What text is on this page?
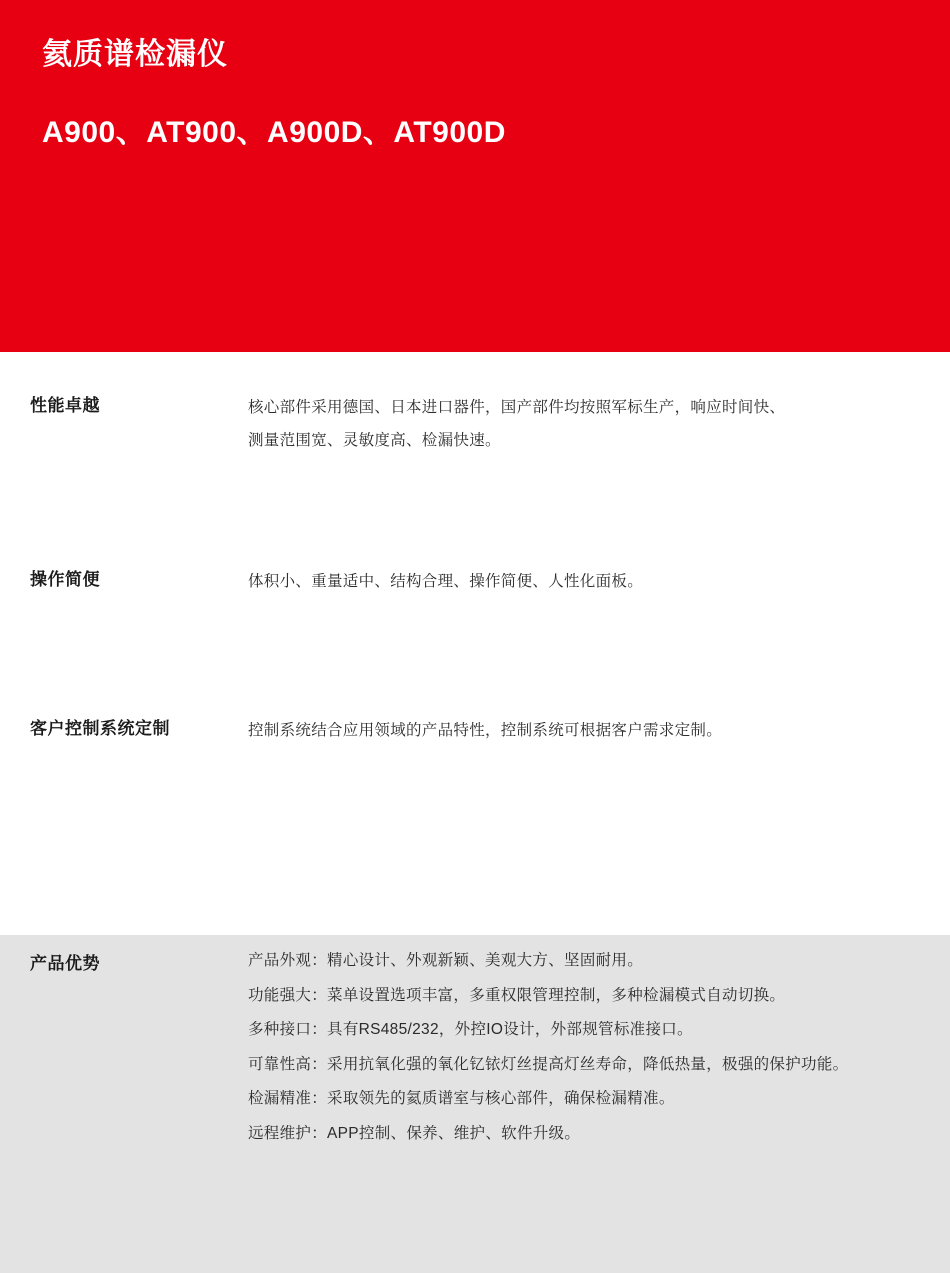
氦质谱检漏仪
A900、AT900、A900D、AT900D
性能卓越	核心部件采用德国、日本进口器件，国产部件均按照军标生产，响应时间快、

测量范围宽、灵敏度高、检漏快速。

操作简便	体积小、重量适中、结构合理、操作简便、人性化面板。

客户控制系统定制	控制系统结合应用领域的产品特性，控制系统可根据客户需求定制。

产品优势	产品外观： 精心设计、外观新颖、美观大方、坚固耐用。
功能强大： 菜单设置选项丰富，多重权限管理控制，多种检漏模式自动切换。
多种接口： 具有RS485/232，外控IO设计，外部规管标准接口。
可靠性高： 采用抗氧化强的氧化钇铱灯丝提高灯丝寿命，降低热量，极强的保护功能。
检漏精准： 采取领先的氦质谱室与核心部件，确保检漏精准。
远程维护： APP控制、保养、维护、软件升级。
